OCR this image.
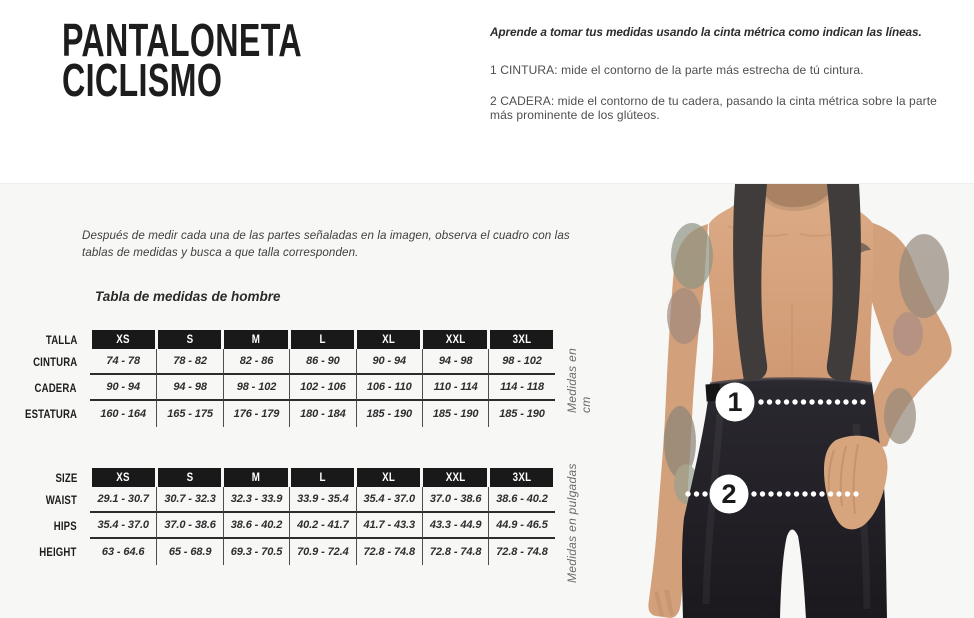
PANTALONETA
CICLISMO
Aprende a tomar tus medidas usando la cinta métrica como indican las líneas.
1 CINTURA: mide el contorno de la parte más estrecha de tú cintura.
2 CADERA: mide el contorno de tu cadera, pasando la cinta métrica sobre la parte más prominente de los glúteos.
Después de medir cada una de las partes señaladas en la imagen, observa el cuadro con las tablas de medidas y busca a que talla corresponden.
Tabla de medidas de hombre
TALLA	XS	S	M	L	XL	XXL	3XL
CINTURA	74 - 78	78 - 82	82 - 86	86 - 90	90 - 94	94 - 98	98 - 102
CADERA	90 - 94	94 - 98	98 - 102	102 - 106	106 - 110	110 - 114	114 - 118
ESTATURA	160 - 164	165 - 175	176 - 179	180 - 184	185 - 190	185 - 190	185 - 190
SIZE	XS	S	M	L	XL	XXL	3XL
WAIST	29.1 - 30.7	30.7 - 32.3	32.3 - 33.9	33.9 - 35.4	35.4 - 37.0	37.0 - 38.6	38.6 - 40.2
HIPS	35.4 - 37.0	37.0 - 38.6	38.6 - 40.2	40.2 - 41.7	41.7 - 43.3	43.3 - 44.9	44.9 - 46.5
HEIGHT	63 - 64.6	65 - 68.9	69.3 - 70.5	70.9 - 72.4	72.8 - 74.8	72.8 - 74.8	72.8 - 74.8
Medidas en cm
Medidas en pulgadas
1
2
